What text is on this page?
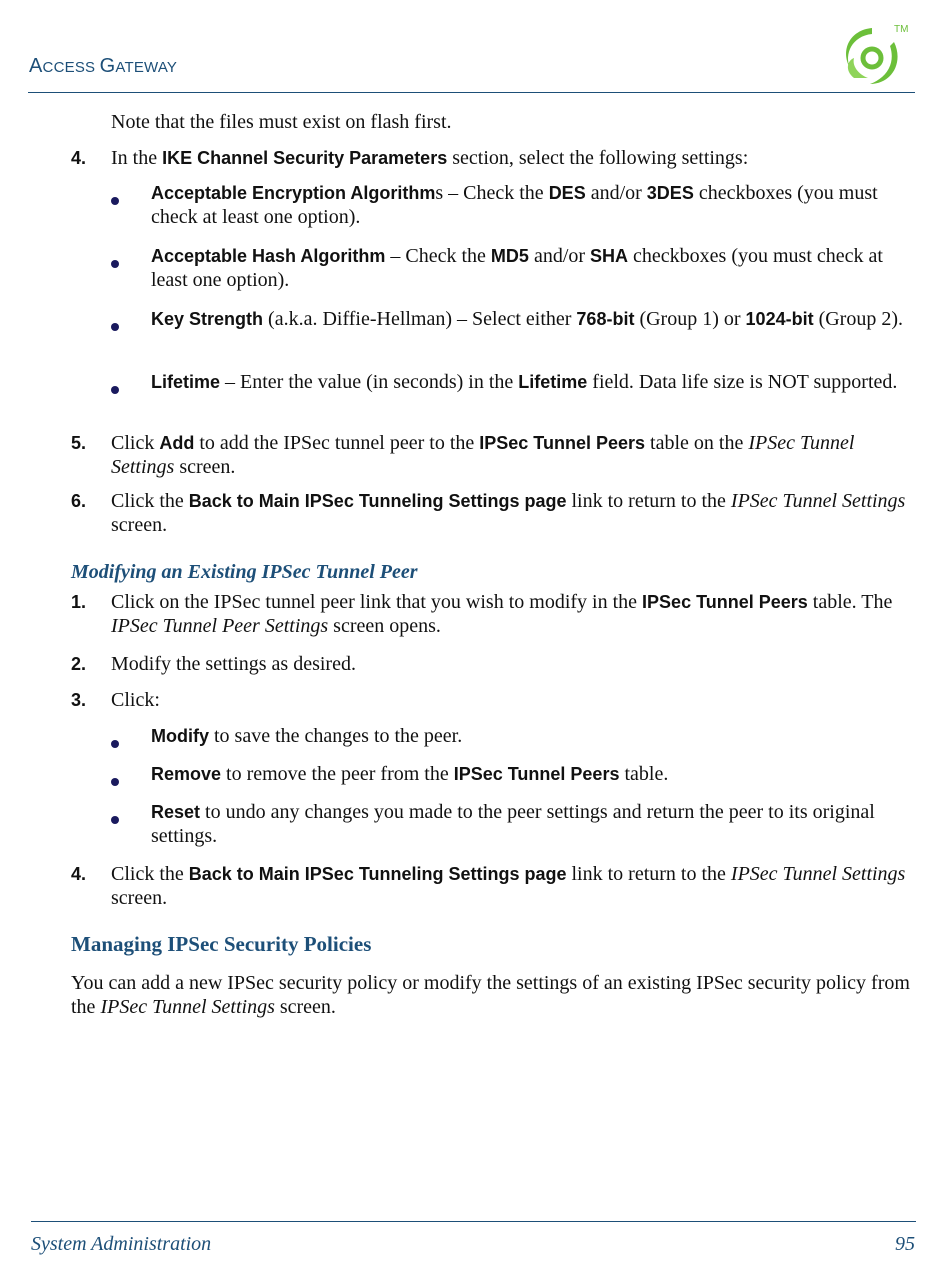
ACCESS GATEWAY
TM
Note that the files must exist on flash first.
4. In the IKE Channel Security Parameters section, select the following settings:
Acceptable Encryption Algorithms – Check the DES and/or 3DES checkboxes (you must check at least one option).
Acceptable Hash Algorithm – Check the MD5 and/or SHA checkboxes (you must check at least one option).
Key Strength (a.k.a. Diffie-Hellman) – Select either 768-bit (Group 1) or 1024-bit (Group 2).
Lifetime – Enter the value (in seconds) in the Lifetime field. Data life size is NOT supported.
5. Click Add to add the IPSec tunnel peer to the IPSec Tunnel Peers table on the IPSec Tunnel Settings screen.
6. Click the Back to Main IPSec Tunneling Settings page link to return to the IPSec Tunnel Settings screen.
Modifying an Existing IPSec Tunnel Peer
1. Click on the IPSec tunnel peer link that you wish to modify in the IPSec Tunnel Peers table. The IPSec Tunnel Peer Settings screen opens.
2. Modify the settings as desired.
3. Click:
Modify to save the changes to the peer.
Remove to remove the peer from the IPSec Tunnel Peers table.
Reset to undo any changes you made to the peer settings and return the peer to its original settings.
4. Click the Back to Main IPSec Tunneling Settings page link to return to the IPSec Tunnel Settings screen.
Managing IPSec Security Policies
You can add a new IPSec security policy or modify the settings of an existing IPSec security policy from the IPSec Tunnel Settings screen.
System Administration	95
